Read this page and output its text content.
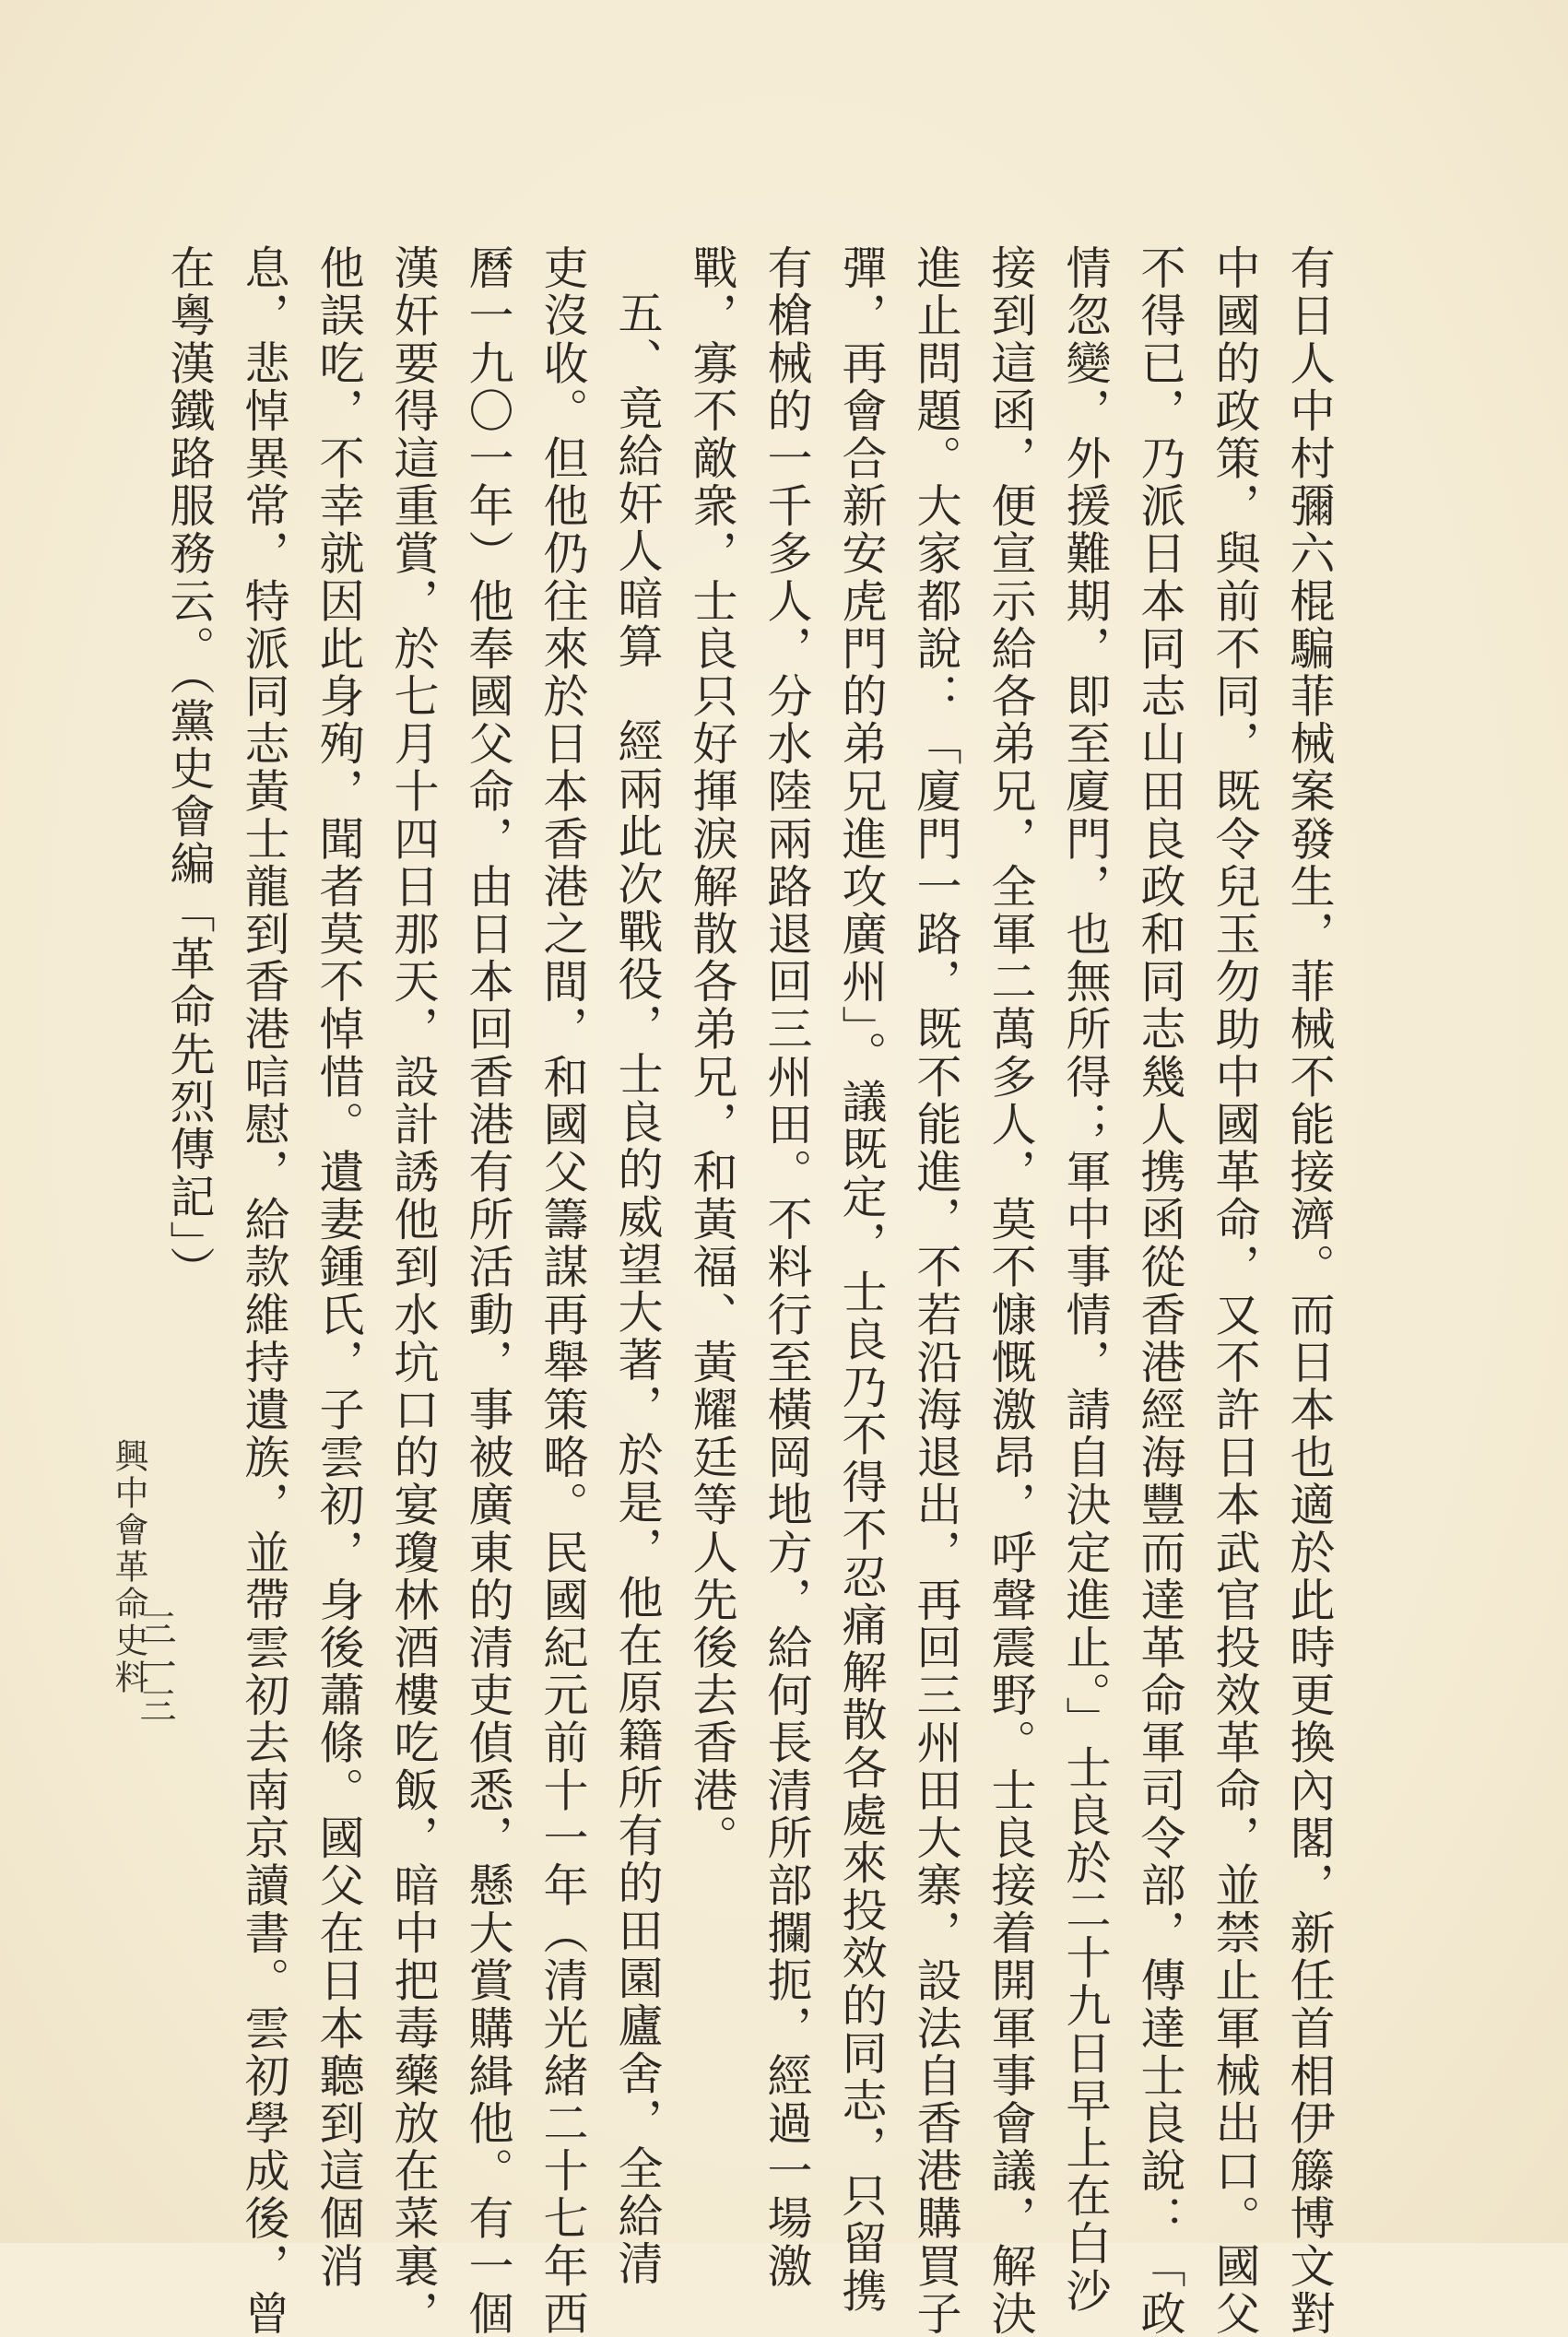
有日人中村彌六棍騙菲械案發生，菲械不能接濟。而日本也適於此時更換內閣，新任首相伊籐博文對
中國的政策，與前不同，既令兒玉勿助中國革命，又不許日本武官投效革命，並禁止軍械出口。國父
不得已，乃派日本同志山田良政和同志幾人携函從香港經海豐而達革命軍司令部，傳達士良說：「政
情忽變，外援難期，即至廈門，也無所得；軍中事情，請自決定進止。」士良於二十九日早上在白沙
接到這函，便宣示給各弟兄，全軍二萬多人，莫不慷慨激昂，呼聲震野。士良接着開軍事會議，解決
進止問題。大家都說：「廈門一路，既不能進，不若沿海退出，再回三州田大寨，設法自香港購買子
彈，再會合新安虎門的弟兄進攻廣州」。議既定，士良乃不得不忍痛解散各處來投效的同志，只留携
有槍械的一千多人，分水陸兩路退回三州田。不料行至橫岡地方，給何長清所部攔扼，經過一場激
戰，寡不敵衆，士良只好揮淚解散各弟兄，和黃福、黃耀廷等人先後去香港。
五、竟給奸人暗算　經兩此次戰役，士良的威望大著，於是，他在原籍所有的田園廬舍，全給清
吏沒收。但他仍往來於日本香港之間，和國父籌謀再舉策略。民國紀元前十一年（清光緒二十七年西
曆一九〇一年）他奉國父命，由日本回香港有所活動，事被廣東的清吏偵悉，懸大賞購緝他。有一個
漢奸要得這重賞，於七月十四日那天，設計誘他到水坑口的宴瓊林酒樓吃飯，暗中把毒藥放在菜裏，
他誤吃，不幸就因此身殉，聞者莫不悼惜。遺妻鍾氏，子雲初，身後蕭條。國父在日本聽到這個消
息，悲悼異常，特派同志黃士龍到香港唁慰，給款維持遺族，並帶雲初去南京讀書。雲初學成後，曾
在粵漢鐵路服務云。（黨史會編「革命先烈傳記」）
興中會革命史料
三一三
